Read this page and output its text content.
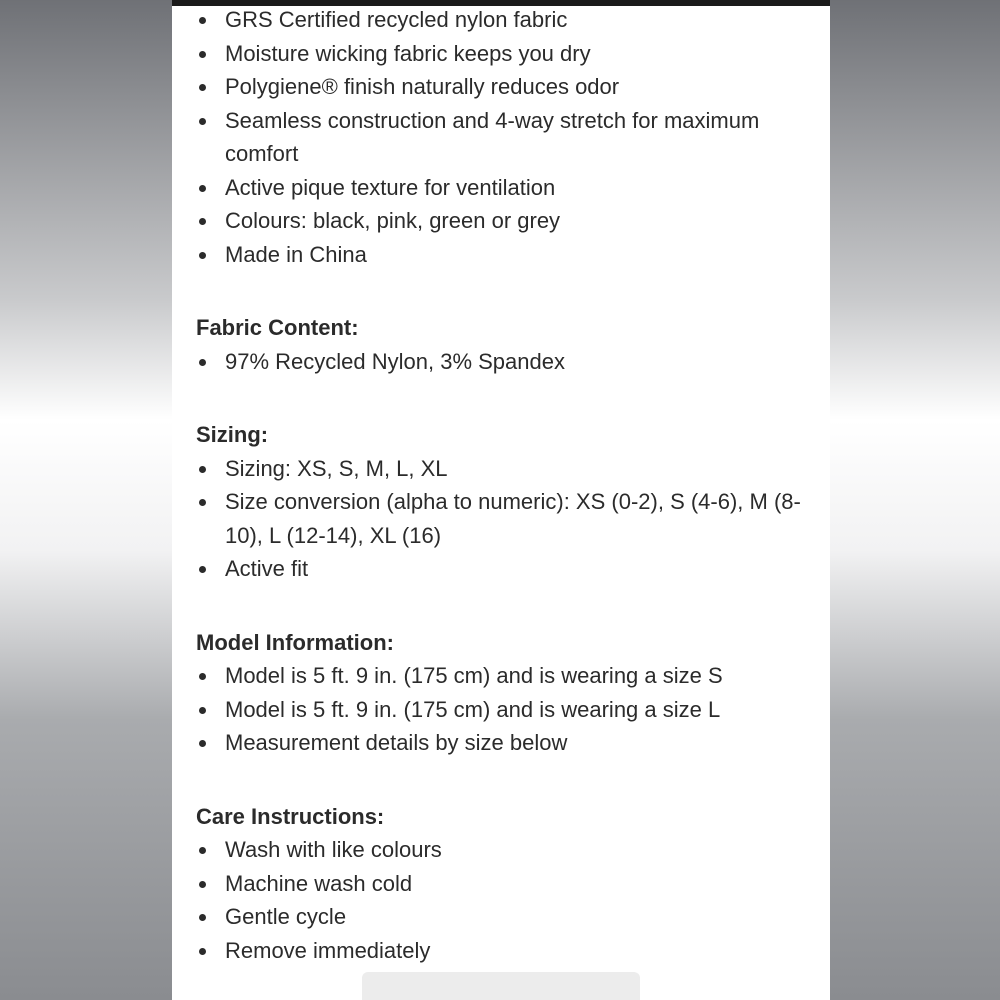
GRS Certified recycled nylon fabric
Moisture wicking fabric keeps you dry
Polygiene® finish naturally reduces odor
Seamless construction and 4-way stretch for maximum comfort
Active pique texture for ventilation
Colours: black, pink, green or grey
Made in China
Fabric Content:
97% Recycled Nylon, 3% Spandex
Sizing:
Sizing: XS, S, M, L, XL
Size conversion (alpha to numeric): XS (0-2), S (4-6), M (8-10), L (12-14), XL (16)
Active fit
Model Information:
Model is 5 ft. 9 in. (175 cm) and is wearing a size S
Model is 5 ft. 9 in. (175 cm) and is wearing a size L
Measurement details by size below
Care Instructions:
Wash with like colours
Machine wash cold
Gentle cycle
Remove immediately
